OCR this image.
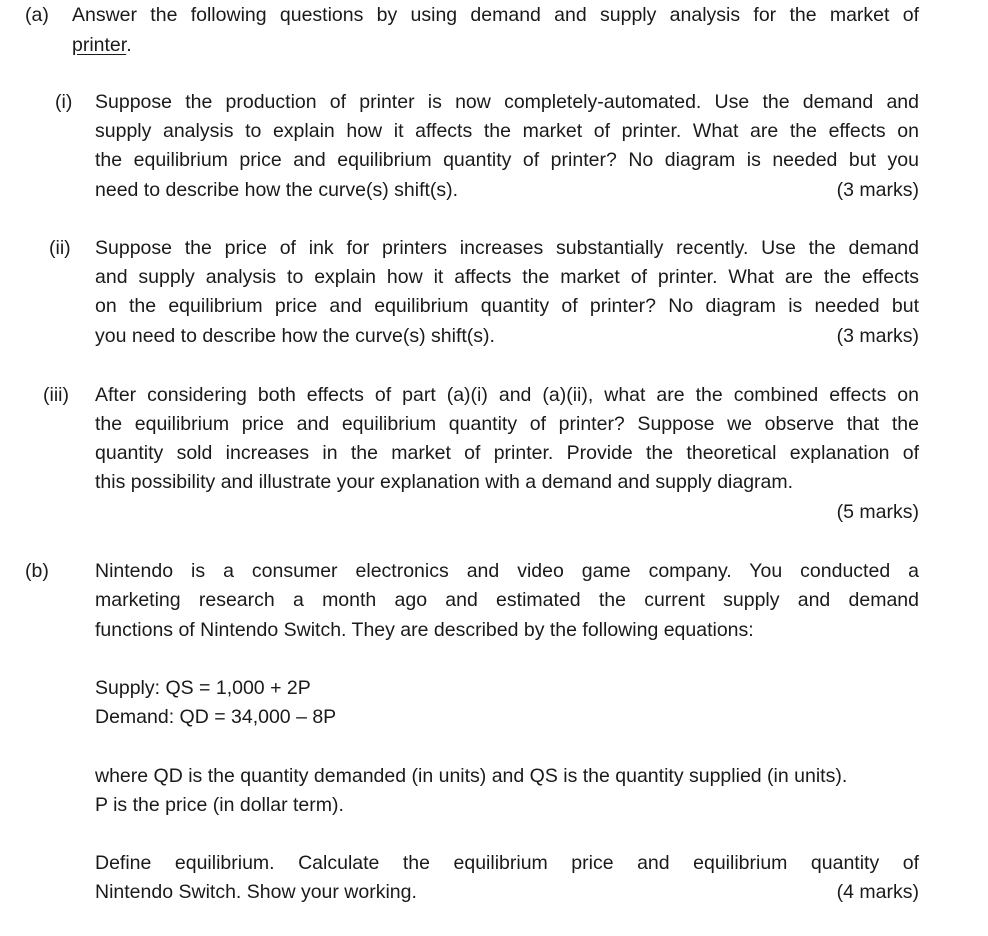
(a) Answer the following questions by using demand and supply analysis for the market of
printer.
(i) Suppose the production of printer is now completely-automated. Use the demand and
supply analysis to explain how it affects the market of printer. What are the effects on
the equilibrium price and equilibrium quantity of printer? No diagram is needed but you
need to describe how the curve(s) shift(s).	(3 marks)
(ii) Suppose the price of ink for printers increases substantially recently. Use the demand
and supply analysis to explain how it affects the market of printer. What are the effects
on the equilibrium price and equilibrium quantity of printer? No diagram is needed but
you need to describe how the curve(s) shift(s).	(3 marks)
(iii) After considering both effects of part (a)(i) and (a)(ii), what are the combined effects on
the equilibrium price and equilibrium quantity of printer? Suppose we observe that the
quantity sold increases in the market of printer. Provide the theoretical explanation of
this possibility and illustrate your explanation with a demand and supply diagram.
(5 marks)
(b) Nintendo is a consumer electronics and video game company. You conducted a
marketing research a month ago and estimated the current supply and demand
functions of Nintendo Switch. They are described by the following equations:
Supply: QS = 1,000 + 2P
Demand: QD = 34,000 – 8P
where QD is the quantity demanded (in units) and QS is the quantity supplied (in units).
P is the price (in dollar term).
Define equilibrium. Calculate the equilibrium price and equilibrium quantity of
Nintendo Switch. Show your working.	(4 marks)
